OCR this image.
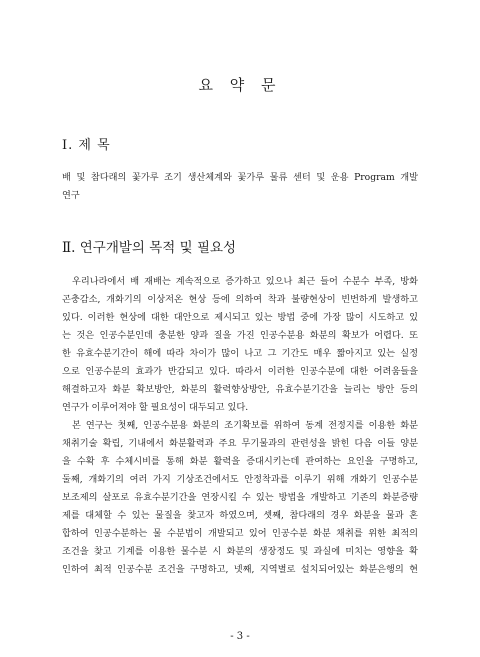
요 약 문
Ⅰ. 제 목
배 및 참다래의 꽃가루 조기 생산체계와 꽃가루 물류 센터 및 운용 Program 개발
연구
Ⅱ. 연구개발의 목적 및 필요성
우리나라에서 배 재배는 계속적으로 증가하고 있으나 최근 들어 수분수 부족, 방화
곤충감소, 개화기의 이상저온 현상 등에 의하여 착과 불량현상이 빈번하게 발생하고
있다. 이러한 현상에 대한 대안으로 제시되고 있는 방법 중에 가장 많이 시도하고 있
는 것은 인공수분인데 충분한 양과 질을 가진 인공수분용 화분의 확보가 어렵다. 또
한 유효수분기간이 해에 따라 차이가 많이 나고 그 기간도 매우 짧아지고 있는 실정
으로 인공수분의 효과가 반감되고 있다. 따라서 이러한 인공수분에 대한 어려움들을
해결하고자 화분 확보방안, 화분의 활력향상방안, 유효수분기간을 늘리는 방안 등의
연구가 이루어져야 할 필요성이 대두되고 있다.
본 연구는 첫째, 인공수분용 화분의 조기확보를 위하여 동계 전정지를 이용한 화분
채취기술 확립, 기내에서 화분활력과 주요 무기물과의 관련성을 밝힌 다음 이들 양분
을 수확 후 수체시비를 통해 화분 활력을 증대시키는데 관여하는 요인을 구명하고,
둘째, 개화기의 여러 가지 기상조건에서도 안정착과를 이루기 위해 개화기 인공수분
보조제의 살포로 유효수분기간을 연장시킬 수 있는 방법을 개발하고 기존의 화분증량
제를 대체할 수 있는 물질을 찾고자 하였으며, 셋째, 참다래의 경우 화분을 물과 혼
합하여 인공수분하는 물 수분법이 개발되고 있어 인공수분 화분 채취를 위한 최적의
조건을 찾고 기계를 이용한 물수분 시 화분의 생장정도 및 과실에 미치는 영향을 확
인하여 최적 인공수분 조건을 구명하고, 넷째, 지역별로 설치되어있는 화분은행의 현
- 3 -
